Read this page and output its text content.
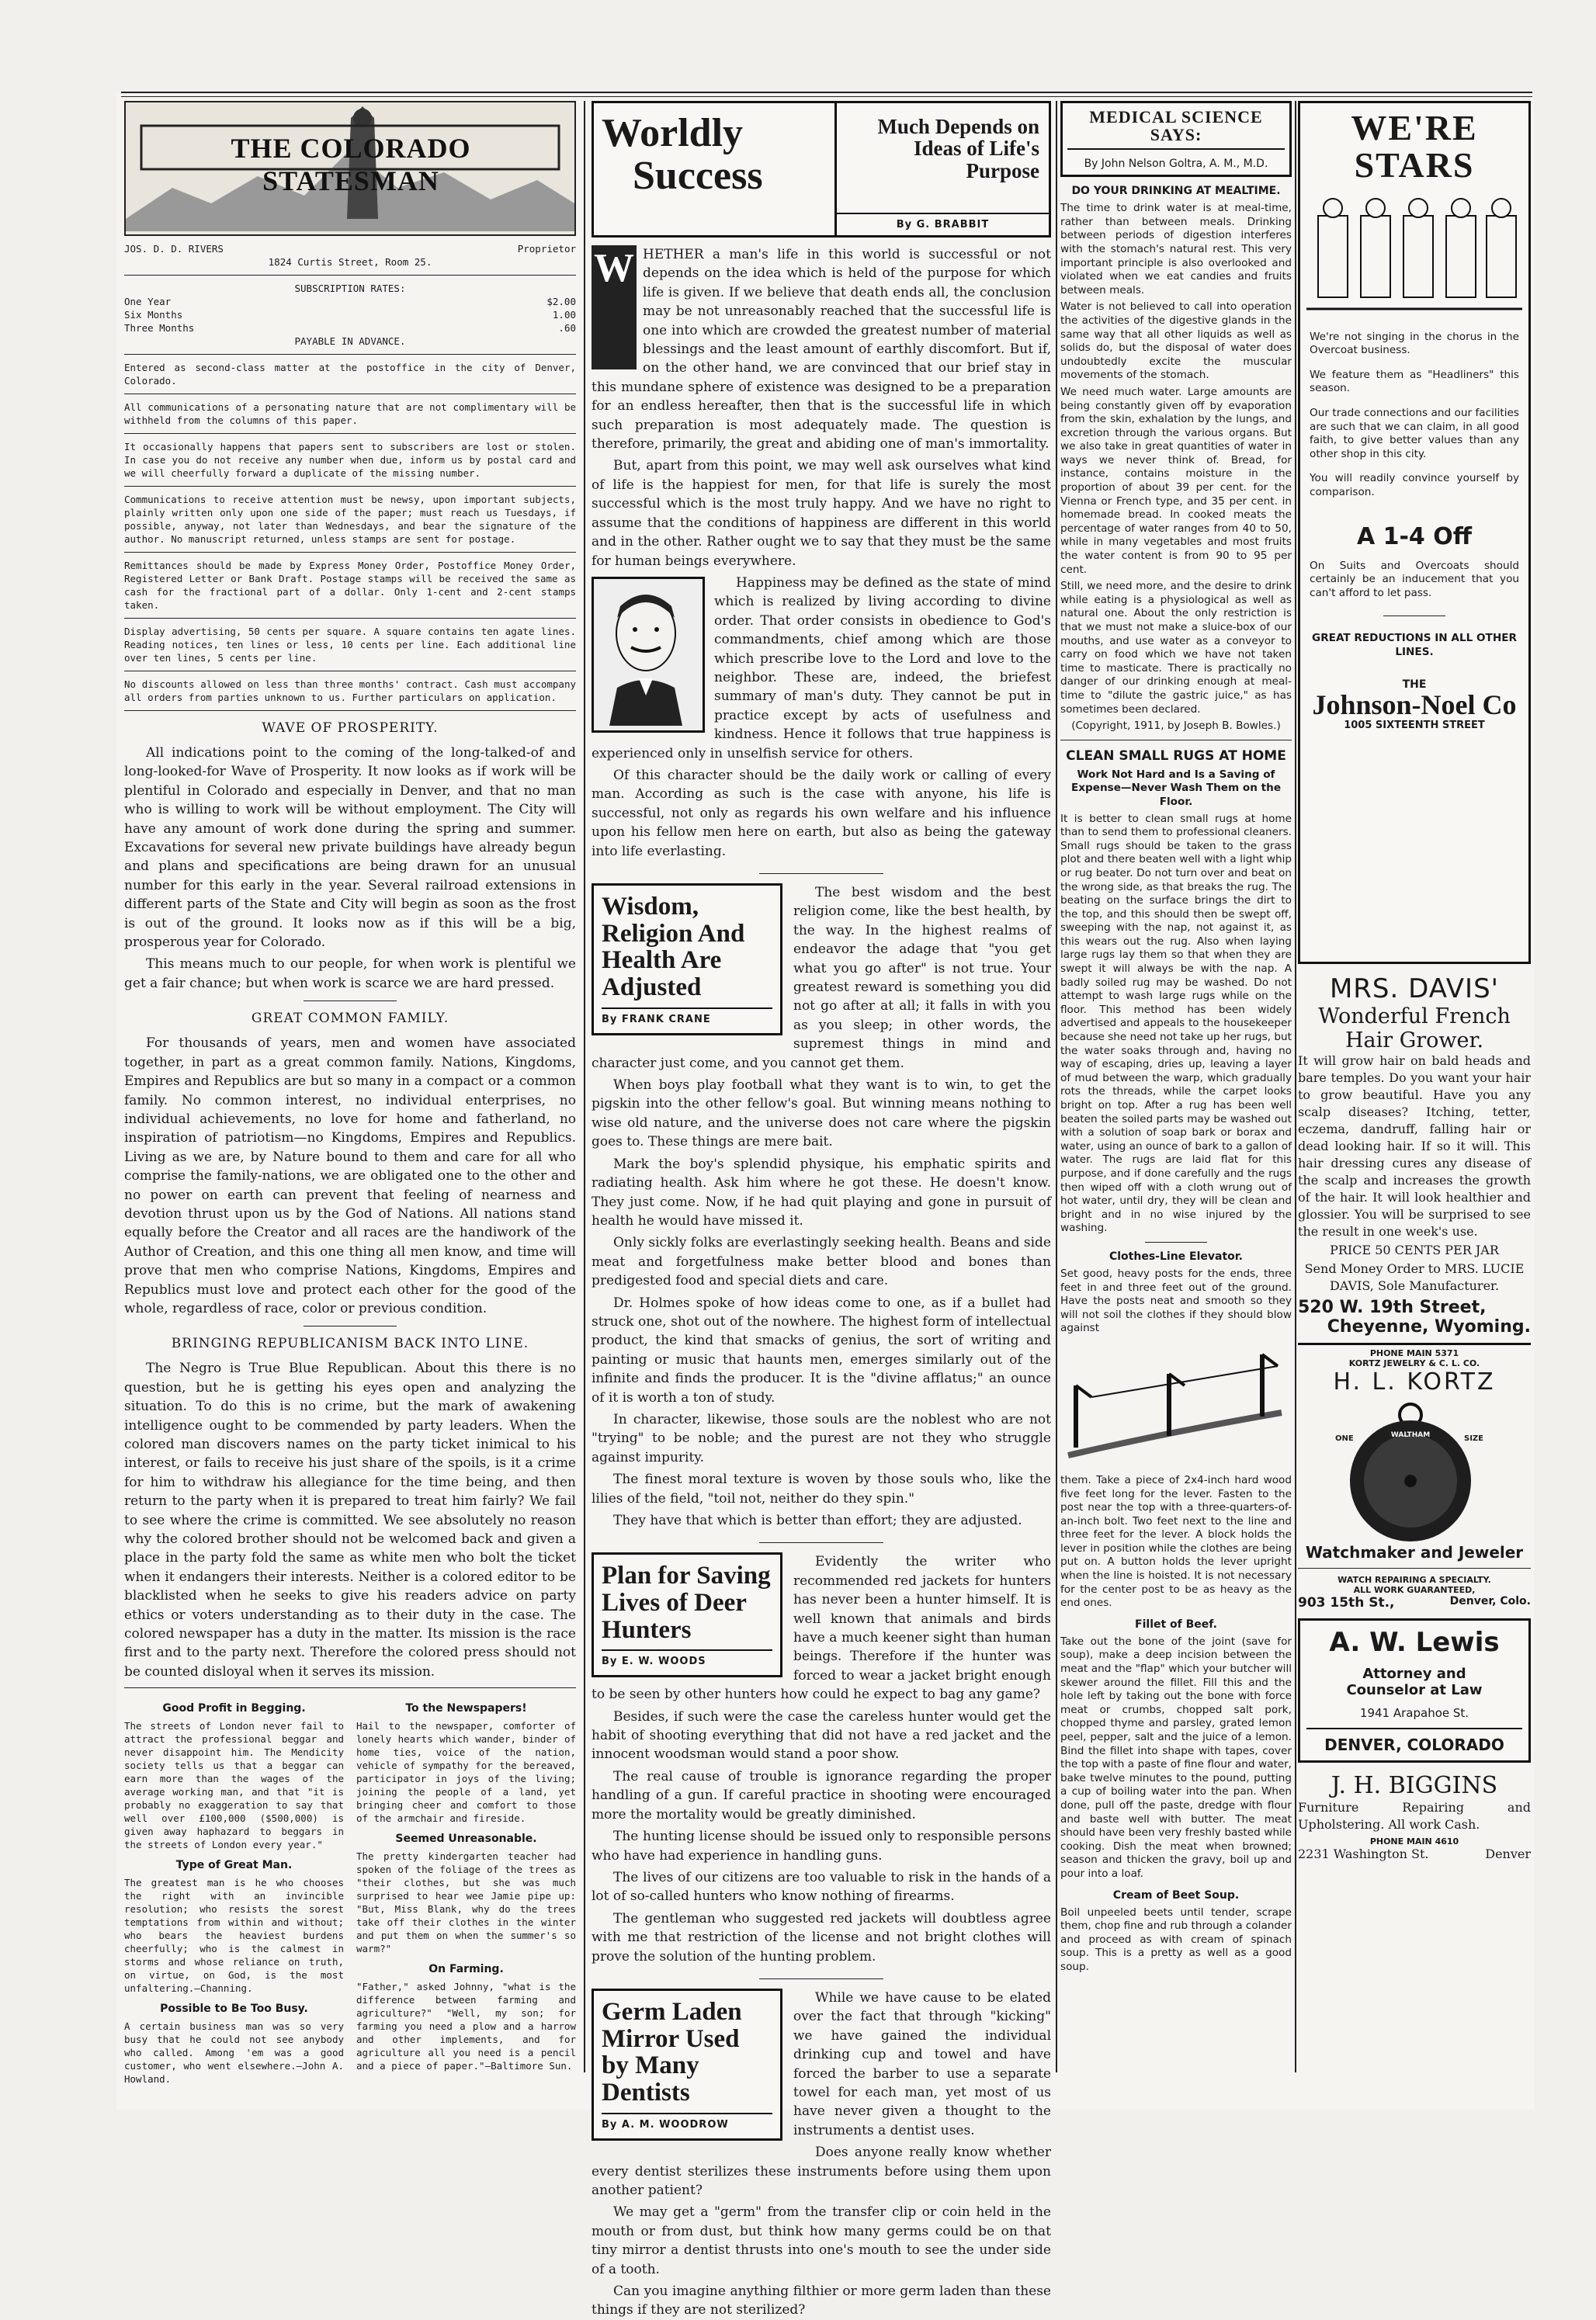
THE COLORADO STATESMAN
JOS. D. D. RIVERS	Proprietor
1824 Curtis Street, Room 25.
SUBSCRIPTION RATES:
One Year	$2.00
Six Months	1.00
Three Months	.60
PAYABLE IN ADVANCE.

Entered as second-class matter at the postoffice in the city of Denver, Colorado.

All communications of a personating nature that are not complimentary will be withheld from the columns of this paper.

It occasionally happens that papers sent to subscribers are lost or stolen. In case you do not receive any number when due, inform us by postal card and we will cheerfully forward a duplicate of the missing number.

Communications to receive attention must be newsy, upon important subjects, plainly written only upon one side of the paper; must reach us Tuesdays, if possible, anyway, not later than Wednesdays, and bear the signature of the author. No manuscript returned, unless stamps are sent for postage.

Remittances should be made by Express Money Order, Postoffice Money Order, Registered Letter or Bank Draft. Postage stamps will be received the same as cash for the fractional part of a dollar. Only 1-cent and 2-cent stamps taken.

Display advertising, 50 cents per square. A square contains ten agate lines. Reading notices, ten lines or less, 10 cents per line. Each additional line over ten lines, 5 cents per line.

No discounts allowed on less than three months' contract. Cash must accompany all orders from parties unknown to us. Further particulars on application.

WAVE OF PROSPERITY.

All indications point to the coming of the long-talked-of and long-looked-for Wave of Prosperity. It now looks as if work will be plentiful in Colorado and especially in Denver, and that no man who is willing to work will be without employment. The City will have any amount of work done during the spring and summer. Excavations for several new private buildings have already begun and plans and specifications are being drawn for an unusual number for this early in the year. Several railroad extensions in different parts of the State and City will begin as soon as the frost is out of the ground. It looks now as if this will be a big, prosperous year for Colorado.

This means much to our people, for when work is plentiful we get a fair chance; but when work is scarce we are hard pressed.

GREAT COMMON FAMILY.

For thousands of years, men and women have associated together, in part as a great common family. Nations, Kingdoms, Empires and Republics are but so many in a compact or a common family. No common interest, no individual enterprises, no individual achievements, no love for home and fatherland, no inspiration of patriotism—no Kingdoms, Empires and Republics. Living as we are, by Nature bound to them and care for all who comprise the family-nations, we are obligated one to the other and no power on earth can prevent that feeling of nearness and devotion thrust upon us by the God of Nations. All nations stand equally before the Creator and all races are the handiwork of the Author of Creation, and this one thing all men know, and time will prove that men who comprise Nations, Kingdoms, Empires and Republics must love and protect each other for the good of the whole, regardless of race, color or previous condition.

BRINGING REPUBLICANISM BACK INTO LINE.

The Negro is True Blue Republican. About this there is no question, but he is getting his eyes open and analyzing the situation. To do this is no crime, but the mark of awakening intelligence ought to be commended by party leaders. When the colored man discovers names on the party ticket inimical to his interest, or fails to receive his just share of the spoils, is it a crime for him to withdraw his allegiance for the time being, and then return to the party when it is prepared to treat him fairly? We fail to see where the crime is committed. We see absolutely no reason why the colored brother should not be welcomed back and given a place in the party fold the same as white men who bolt the ticket when it endangers their interests. Neither is a colored editor to be blacklisted when he seeks to give his readers advice on party ethics or voters understanding as to their duty in the case. The colored newspaper has a duty in the matter. Its mission is the race first and to the party next. Therefore the colored press should not be counted disloyal when it serves its mission.

Good Profit in Begging.

The streets of London never fail to attract the professional beggar and never disappoint him. The Mendicity society tells us that a beggar can earn more than the wages of the average working man, and that "it is probably no exaggeration to say that well over £100,000 ($500,000) is given away haphazard to beggars in the streets of London every year."

Type of Great Man.

The greatest man is he who chooses the right with an invincible resolution; who resists the sorest temptations from within and without; who bears the heaviest burdens cheerfully; who is the calmest in storms and whose reliance on truth, on virtue, on God, is the most unfaltering.—Channing.

Possible to Be Too Busy.

A certain business man was so very busy that he could not see anybody who called. Among 'em was a good customer, who went elsewhere.—John A. Howland.

To the Newspapers!

Hail to the newspaper, comforter of lonely hearts which wander, binder of home ties, voice of the nation, vehicle of sympathy for the bereaved, participator in joys of the living; joining the people of a land, yet bringing cheer and comfort to those of the armchair and fireside.

Seemed Unreasonable.

The pretty kindergarten teacher had spoken of the foliage of the trees as "their clothes, but she was much surprised to hear wee Jamie pipe up: "But, Miss Blank, why do the trees take off their clothes in the winter and put them on when the summer's so warm?"

On Farming.

"Father," asked Johnny, "what is the difference between farming and agriculture?" "Well, my son; for farming you need a plow and a harrow and other implements, and for agriculture all you need is a pencil and a piece of paper."—Baltimore Sun.

Worldly
Success
Much Depends on Ideas of Life's Purpose
By G. BRABBIT
W HETHER a man's life in this world is successful or not depends on the idea which is held of the purpose for which life is given. If we believe that death ends all, the conclusion may be not unreasonably reached that the successful life is one into which are crowded the greatest number of material blessings and the least amount of earthly discomfort. But if, on the other hand, we are convinced that our brief stay in this mundane sphere of existence was designed to be a preparation for an endless hereafter, then that is the successful life in which such preparation is most adequately made. The question is therefore, primarily, the great and abiding one of man's immortality.

But, apart from this point, we may well ask ourselves what kind of life is the happiest for men, for that life is surely the most successful which is the most truly happy. And we have no right to assume that the conditions of happiness are different in this world and in the other. Rather ought we to say that they must be the same for human beings everywhere.

Happiness may be defined as the state of mind which is realized by living according to divine order. That order consists in obedience to God's commandments, chief among which are those which prescribe love to the Lord and love to the neighbor. These are, indeed, the briefest summary of man's duty. They cannot be put in practice except by acts of usefulness and kindness. Hence it follows that true happiness is experienced only in unselfish service for others.

Of this character should be the daily work or calling of every man. According as such is the case with anyone, his life is successful, not only as regards his own welfare and his influence upon his fellow men here on earth, but also as being the gateway into life everlasting.

Wisdom, Religion And Health Are Adjusted
By FRANK CRANE

The best wisdom and the best religion come, like the best health, by the way. In the highest realms of endeavor the adage that "you get what you go after" is not true. Your greatest reward is something you did not go after at all; it falls in with you as you sleep; in other words, the supremest things in mind and character just come, and you cannot get them.

When boys play football what they want is to win, to get the pigskin into the other fellow's goal. But winning means nothing to wise old nature, and the universe does not care where the pigskin goes to. These things are mere bait.

Mark the boy's splendid physique, his emphatic spirits and radiating health. Ask him where he got these. He doesn't know. They just come. Now, if he had quit playing and gone in pursuit of health he would have missed it.

Only sickly folks are everlastingly seeking health. Beans and side meat and forgetfulness make better blood and bones than predigested food and special diets and care.

Dr. Holmes spoke of how ideas come to one, as if a bullet had struck one, shot out of the nowhere. The highest form of intellectual product, the kind that smacks of genius, the sort of writing and painting or music that haunts men, emerges similarly out of the infinite and finds the producer. It is the "divine afflatus;" an ounce of it is worth a ton of study.

In character, likewise, those souls are the noblest who are not "trying" to be noble; and the purest are not they who struggle against impurity.

The finest moral texture is woven by those souls who, like the lilies of the field, "toil not, neither do they spin."

They have that which is better than effort; they are adjusted.

Plan for Saving Lives of Deer Hunters
By E. W. WOODS

Evidently the writer who recommended red jackets for hunters has never been a hunter himself. It is well known that animals and birds have a much keener sight than human beings. Therefore if the hunter was forced to wear a jacket bright enough to be seen by other hunters how could he expect to bag any game?

Besides, if such were the case the careless hunter would get the habit of shooting everything that did not have a red jacket and the innocent woodsman would stand a poor show.

The real cause of trouble is ignorance regarding the proper handling of a gun. If careful practice in shooting were encouraged more the mortality would be greatly diminished.

The hunting license should be issued only to responsible persons who have had experience in handling guns.

The lives of our citizens are too valuable to risk in the hands of a lot of so-called hunters who know nothing of firearms.

The gentleman who suggested red jackets will doubtless agree with me that restriction of the license and not bright clothes will prove the solution of the hunting problem.

Germ Laden Mirror Used by Many Dentists
By A. M. WOODROW

While we have cause to be elated over the fact that through "kicking" we have gained the individual drinking cup and towel and have forced the barber to use a separate towel for each man, yet most of us have never given a thought to the instruments a dentist uses.

Does anyone really know whether every dentist sterilizes these instruments before using them upon another patient?

We may get a "germ" from the transfer clip or coin held in the mouth or from dust, but think how many germs could be on that tiny mirror a dentist thrusts into one's mouth to see the under side of a tooth.

Can you imagine anything filthier or more germ laden than these things if they are not sterilized?

MEDICAL SCIENCE SAYS:
By John Nelson Goltra, A. M., M.D.
DO YOUR DRINKING AT MEALTIME.

The time to drink water is at meal-time, rather than between meals. Drinking between periods of digestion interferes with the stomach's natural rest. This very important principle is also overlooked and violated when we eat candies and fruits between meals.

Water is not believed to call into operation the activities of the digestive glands in the same way that all other liquids as well as solids do, but the disposal of water does undoubtedly excite the muscular movements of the stomach.

We need much water. Large amounts are being constantly given off by evaporation from the skin, exhalation by the lungs, and excretion through the various organs. But we also take in great quantities of water in ways we never think of. Bread, for instance, contains moisture in the proportion of about 39 per cent. for the Vienna or French type, and 35 per cent. in homemade bread. In cooked meats the percentage of water ranges from 40 to 50, while in many vegetables and most fruits the water content is from 90 to 95 per cent.

Still, we need more, and the desire to drink while eating is a physiological as well as natural one. About the only restriction is that we must not make a sluice-box of our mouths, and use water as a conveyor to carry on food which we have not taken time to masticate. There is practically no danger of our drinking enough at meal-time to "dilute the gastric juice," as has sometimes been declared.

(Copyright, 1911, by Joseph B. Bowles.)

CLEAN SMALL RUGS AT HOME

Work Not Hard and Is a Saving of Expense—Never Wash Them on the Floor.

It is better to clean small rugs at home than to send them to professional cleaners. Small rugs should be taken to the grass plot and there beaten well with a light whip or rug beater. Do not turn over and beat on the wrong side, as that breaks the rug. The beating on the surface brings the dirt to the top, and this should then be swept off, sweeping with the nap, not against it, as this wears out the rug. Also when laying large rugs lay them so that when they are swept it will always be with the nap. A badly soiled rug may be washed. Do not attempt to wash large rugs while on the floor. This method has been widely advertised and appeals to the housekeeper because she need not take up her rugs, but the water soaks through and, having no way of escaping, dries up, leaving a layer of mud between the warp, which gradually rots the threads, while the carpet looks bright on top. After a rug has been well beaten the soiled parts may be washed out with a solution of soap bark or borax and water, using an ounce of bark to a gallon of water. The rugs are laid flat for this purpose, and if done carefully and the rugs then wiped off with a cloth wrung out of hot water, until dry, they will be clean and bright and in no wise injured by the washing.

Clothes-Line Elevator.

Set good, heavy posts for the ends, three feet in and three feet out of the ground. Have the posts neat and smooth so they will not soil the clothes if they should blow against

them. Take a piece of 2x4-inch hard wood five feet long for the lever. Fasten to the post near the top with a three-quarters-of-an-inch bolt. Two feet next to the line and three feet for the lever. A block holds the lever in position while the clothes are being put on. A button holds the lever upright when the line is hoisted. It is not necessary for the center post to be as heavy as the end ones.

Fillet of Beef.

Take out the bone of the joint (save for soup), make a deep incision between the meat and the "flap" which your butcher will skewer around the fillet. Fill this and the hole left by taking out the bone with force meat or crumbs, chopped salt pork, chopped thyme and parsley, grated lemon peel, pepper, salt and the juice of a lemon. Bind the fillet into shape with tapes, cover the top with a paste of fine flour and water, bake twelve minutes to the pound, putting a cup of boiling water into the pan. When done, pull off the paste, dredge with flour and baste well with butter. The meat should have been very freshly basted while cooking. Dish the meat when browned; season and thicken the gravy, boil up and pour into a loaf.

Cream of Beet Soup.

Boil unpeeled beets until tender, scrape them, chop fine and rub through a colander and proceed as with cream of spinach soup. This is a pretty as well as a good soup.

WE'RE STARS

We're not singing in the chorus in the Overcoat business.

We feature them as "Headliners" this season.

Our trade connections and our facilities are such that we can claim, in all good faith, to give better values than any other shop in this city.

You will readily convince yourself by comparison.

A 1-4 Off

On Suits and Overcoats should certainly be an inducement that you can't afford to let pass.

GREAT REDUCTIONS IN ALL OTHER LINES.

THE
Johnson-Noel Co
1005 SIXTEENTH STREET
MRS. DAVIS'
Wonderful French
Hair Grower.

It will grow hair on bald heads and bare temples. Do you want your hair to grow beautiful. Have you any scalp diseases? Itching, tetter, eczema, dandruff, falling hair or dead looking hair. If so it will. This hair dressing cures any disease of the scalp and increases the growth of the hair. It will look healthier and glossier. You will be surprised to see the result in one week's use.

PRICE 50 CENTS PER JAR

Send Money Order to MRS. LUCIE DAVIS, Sole Manufacturer.

520 W. 19th Street,
Cheyenne, Wyoming.
PHONE MAIN 5371
KORTZ JEWELRY & C. L. CO.
H. L. KORTZ
WALTHAM
ONE	SIZE
Watchmaker and Jeweler
WATCH REPAIRING A SPECIALTY.
ALL WORK GUARANTEED,
903 15th St.,	Denver, Colo.
A. W. Lewis
Attorney and
Counselor at Law
1941 Arapahoe St.
DENVER, COLORADO
J. H. BIGGINS

Furniture Repairing and Upholstering. All work Cash.

PHONE MAIN 4610
2231 Washington St.	Denver
